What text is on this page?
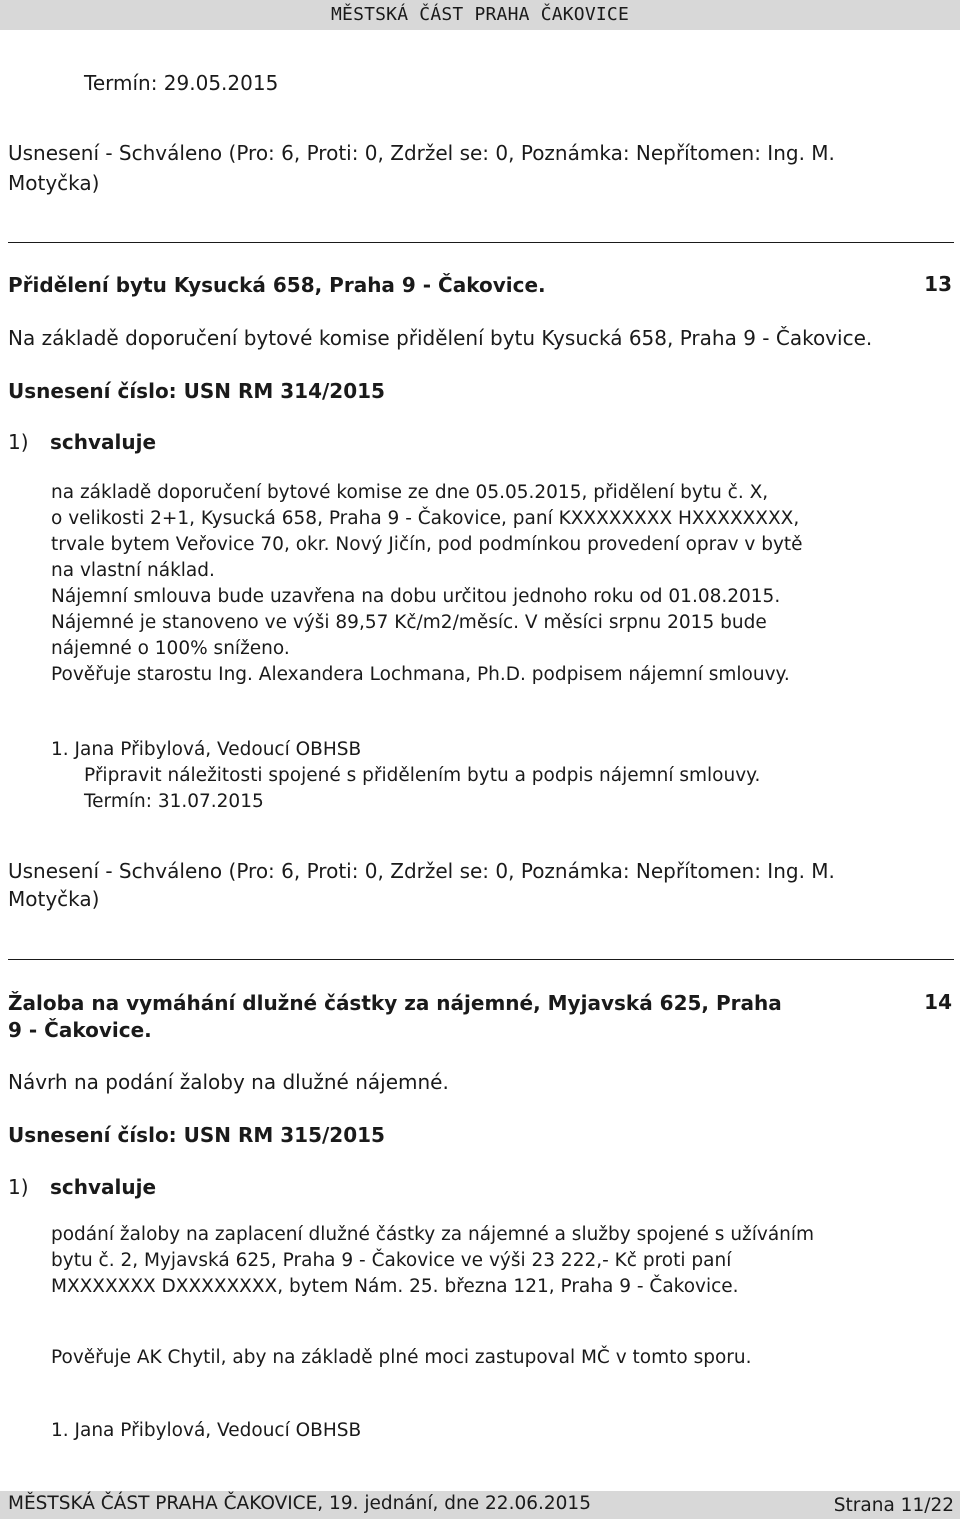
MĚSTSKÁ ČÁST PRAHA ČAKOVICE
Termín: 29.05.2015
Usnesení - Schváleno (Pro: 6, Proti: 0, Zdržel se: 0, Poznámka: Nepřítomen: Ing. M.
Motyčka)
Přidělení bytu Kysucká 658, Praha 9 - Čakovice.	13
Na základě doporučení bytové komise přidělení bytu Kysucká 658, Praha 9 - Čakovice.
Usnesení číslo: USN RM 314/2015
1) schvaluje
na základě doporučení bytové komise ze dne 05.05.2015, přidělení bytu č. X,
o velikosti 2+1, Kysucká 658, Praha 9 - Čakovice, paní KXXXXXXXX HXXXXXXXX,
trvale bytem Veřovice 70, okr. Nový Jičín, pod podmínkou provedení oprav v bytě
na vlastní náklad.
Nájemní smlouva bude uzavřena na dobu určitou jednoho roku od 01.08.2015.
Nájemné je stanoveno ve výši 89,57 Kč/m2/měsíc. V měsíci srpnu 2015 bude
nájemné o 100% sníženo.
Pověřuje starostu Ing. Alexandera Lochmana, Ph.D. podpisem nájemní smlouvy.
1. Jana Přibylová, Vedoucí OBHSB
Připravit náležitosti spojené s přidělením bytu a podpis nájemní smlouvy.
Termín: 31.07.2015
Usnesení - Schváleno (Pro: 6, Proti: 0, Zdržel se: 0, Poznámka: Nepřítomen: Ing. M.
Motyčka)
Žaloba na vymáhání dlužné částky za nájemné, Myjavská 625, Praha
9 - Čakovice.
14
Návrh na podání žaloby na dlužné nájemné.
Usnesení číslo: USN RM 315/2015
1) schvaluje
podání žaloby na zaplacení dlužné částky za nájemné a služby spojené s užíváním
bytu č. 2, Myjavská 625, Praha 9 - Čakovice ve výši 23 222,- Kč proti paní
MXXXXXXX DXXXXXXXX, bytem Nám. 25. března 121, Praha 9 - Čakovice.
Pověřuje AK Chytil, aby na základě plné moci zastupoval MČ v tomto sporu.
1. Jana Přibylová, Vedoucí OBHSB
MĚSTSKÁ ČÁST PRAHA ČAKOVICE, 19. jednání, dne 22.06.2015	Strana 11/22
